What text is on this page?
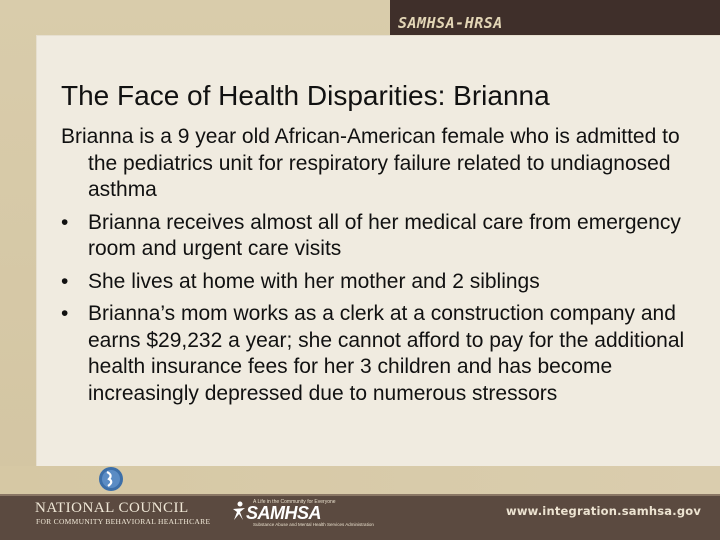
SAMHSA-HRSA
The Face of Health Disparities: Brianna

Brianna is a 9 year old African-American female who is admitted to the pediatrics unit for respiratory failure related to undiagnosed asthma

• Brianna receives almost all of her medical care from emergency room and urgent care visits

• She lives at home with her mother and 2 siblings

• Brianna’s mom works as a clerk at a construction company and earns $29,232 a year; she cannot afford to pay for the additional health insurance fees for her 3 children and has become increasingly depressed due to numerous stressors

NATIONAL COUNCIL
FOR COMMUNITY BEHAVIORAL HEALTHCARE
A Life in the Community for Everyone
SAMHSA
Substance Abuse and Mental Health Services Administration
www.integration.samhsa.gov
